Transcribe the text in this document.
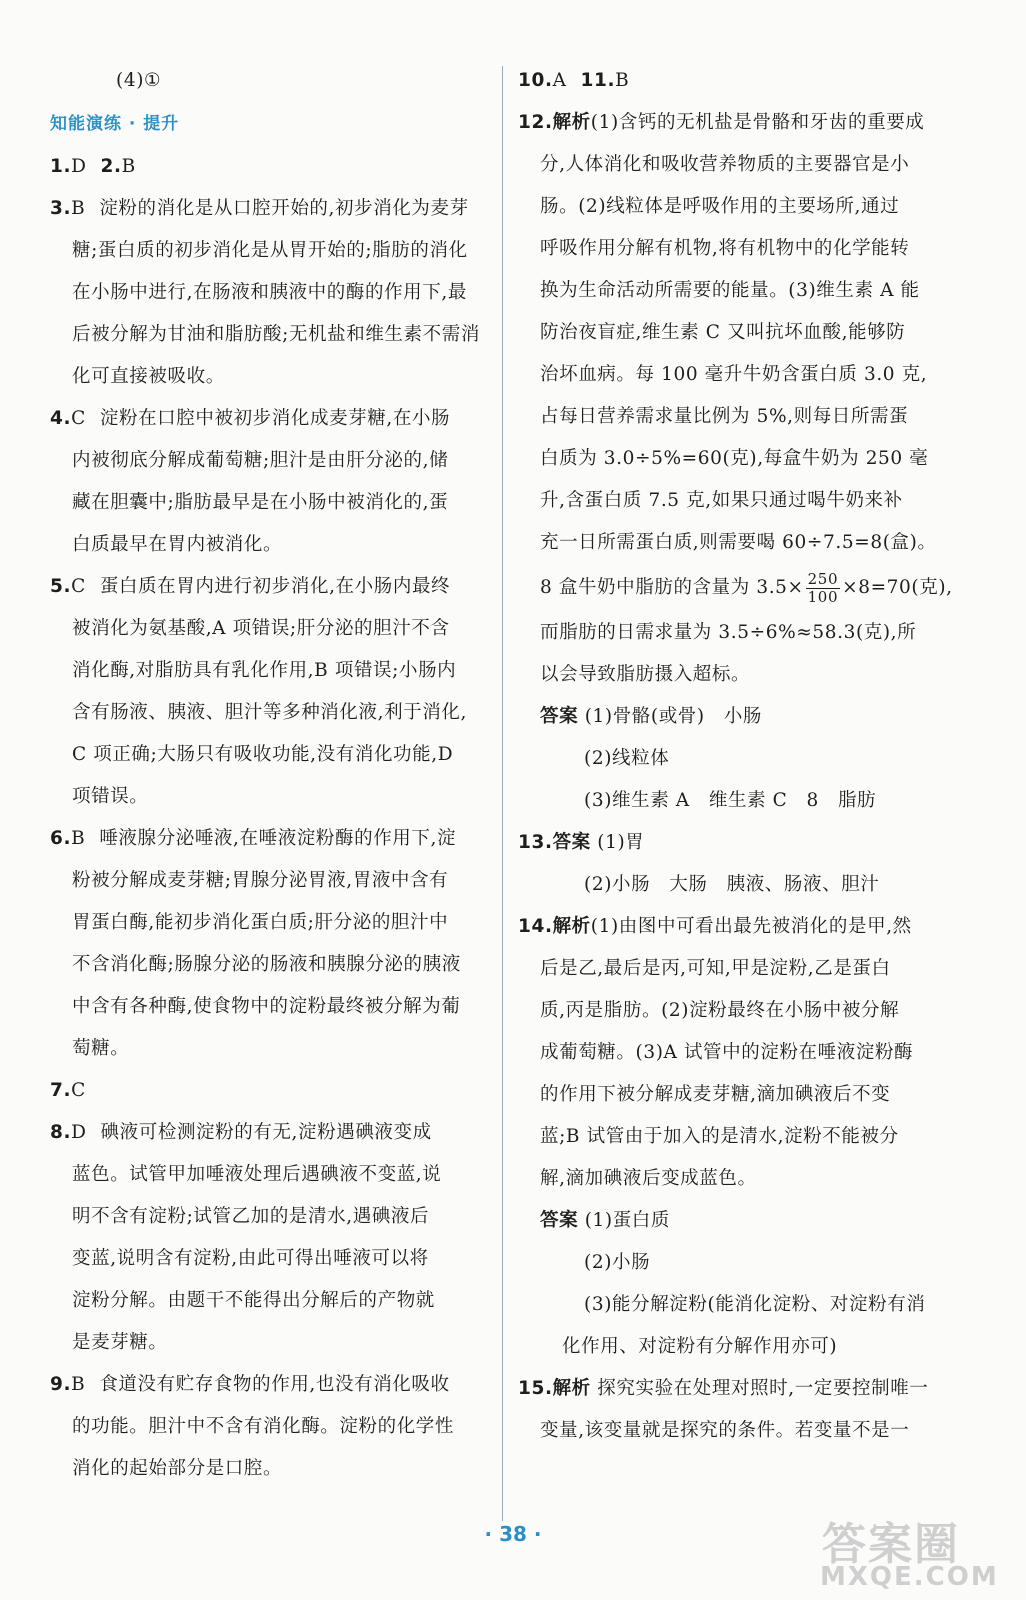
(4)①
知能演练 · 提升
1.D 2.B
3.B 淀粉的消化是从口腔开始的,初步消化为麦芽
糖;蛋白质的初步消化是从胃开始的;脂肪的消化
在小肠中进行,在肠液和胰液中的酶的作用下,最
后被分解为甘油和脂肪酸;无机盐和维生素不需消
化可直接被吸收。
4.C 淀粉在口腔中被初步消化成麦芽糖,在小肠
内被彻底分解成葡萄糖;胆汁是由肝分泌的,储
藏在胆囊中;脂肪最早是在小肠中被消化的,蛋
白质最早在胃内被消化。
5.C 蛋白质在胃内进行初步消化,在小肠内最终
被消化为氨基酸,A 项错误;肝分泌的胆汁不含
消化酶,对脂肪具有乳化作用,B 项错误;小肠内
含有肠液、胰液、胆汁等多种消化液,利于消化,
C 项正确;大肠只有吸收功能,没有消化功能,D
项错误。
6.B 唾液腺分泌唾液,在唾液淀粉酶的作用下,淀
粉被分解成麦芽糖;胃腺分泌胃液,胃液中含有
胃蛋白酶,能初步消化蛋白质;肝分泌的胆汁中
不含消化酶;肠腺分泌的肠液和胰腺分泌的胰液
中含有各种酶,使食物中的淀粉最终被分解为葡
萄糖。
7.C
8.D 碘液可检测淀粉的有无,淀粉遇碘液变成
蓝色。试管甲加唾液处理后遇碘液不变蓝,说
明不含有淀粉;试管乙加的是清水,遇碘液后
变蓝,说明含有淀粉,由此可得出唾液可以将
淀粉分解。由题干不能得出分解后的产物就
是麦芽糖。
9.B 食道没有贮存食物的作用,也没有消化吸收
的功能。胆汁中不含有消化酶。淀粉的化学性
消化的起始部分是口腔。
10.A 11.B
12.解析(1)含钙的无机盐是骨骼和牙齿的重要成
分,人体消化和吸收营养物质的主要器官是小
肠。(2)线粒体是呼吸作用的主要场所,通过
呼吸作用分解有机物,将有机物中的化学能转
换为生命活动所需要的能量。(3)维生素 A 能
防治夜盲症,维生素 C 又叫抗坏血酸,能够防
治坏血病。每 100 毫升牛奶含蛋白质 3.0 克,
占每日营养需求量比例为 5%,则每日所需蛋
白质为 3.0÷5%=60(克),每盒牛奶为 250 毫
升,含蛋白质 7.5 克,如果只通过喝牛奶来补
充一日所需蛋白质,则需要喝 60÷7.5=8(盒)。
8 盒牛奶中脂肪的含量为 $3.5\times \frac{250}{100} \times 8=70$(克),
而脂肪的日需求量为 3.5÷6%≈58.3(克),所
以会导致脂肪摄入超标。
答案 (1)骨骼(或骨)　小肠
(2)线粒体
(3)维生素 A　维生素 C　8　脂肪
13.答案 (1)胃
(2)小肠　大肠　胰液、肠液、胆汁
14.解析(1)由图中可看出最先被消化的是甲,然
后是乙,最后是丙,可知,甲是淀粉,乙是蛋白
质,丙是脂肪。(2)淀粉最终在小肠中被分解
成葡萄糖。(3)A 试管中的淀粉在唾液淀粉酶
的作用下被分解成麦芽糖,滴加碘液后不变
蓝;B 试管由于加入的是清水,淀粉不能被分
解,滴加碘液后变成蓝色。
答案 (1)蛋白质
(2)小肠
(3)能分解淀粉(能消化淀粉、对淀粉有消
化作用、对淀粉有分解作用亦可)
15.解析 探究实验在处理对照时,一定要控制唯一
变量,该变量就是探究的条件。若变量不是一
· 38 ·	答案圈
MXQE.COM
